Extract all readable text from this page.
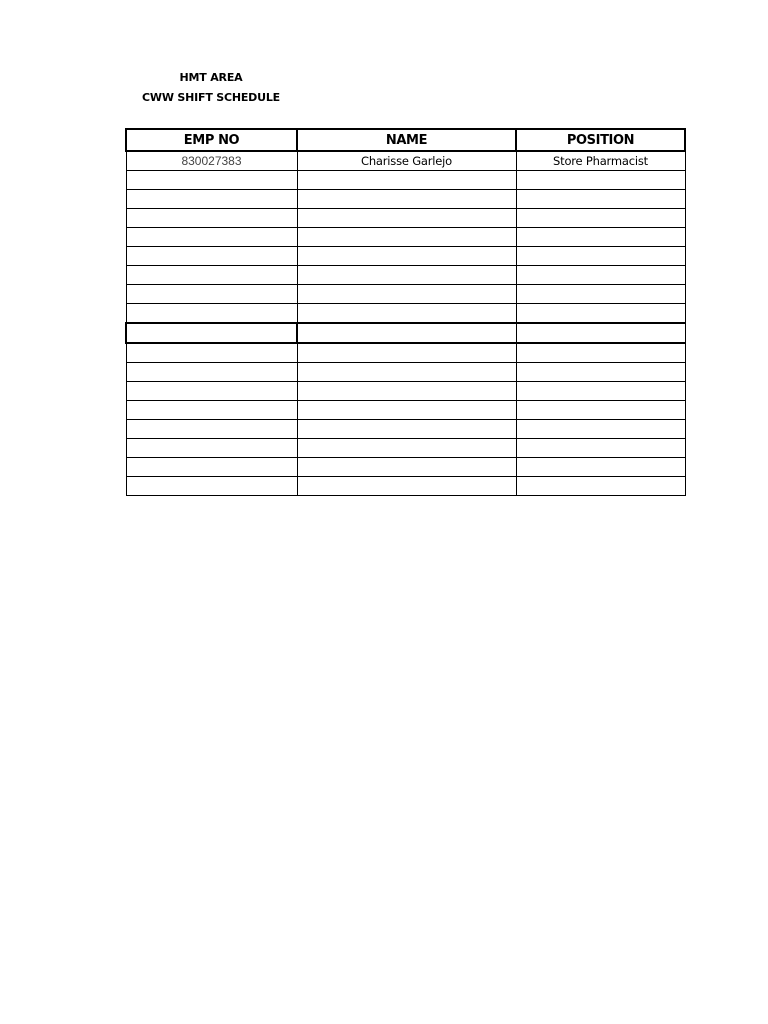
HMT AREA
CWW SHIFT SCHEDULE
EMP NO	NAME	POSITION
830027383	Charisse Garlejo	Store Pharmacist
